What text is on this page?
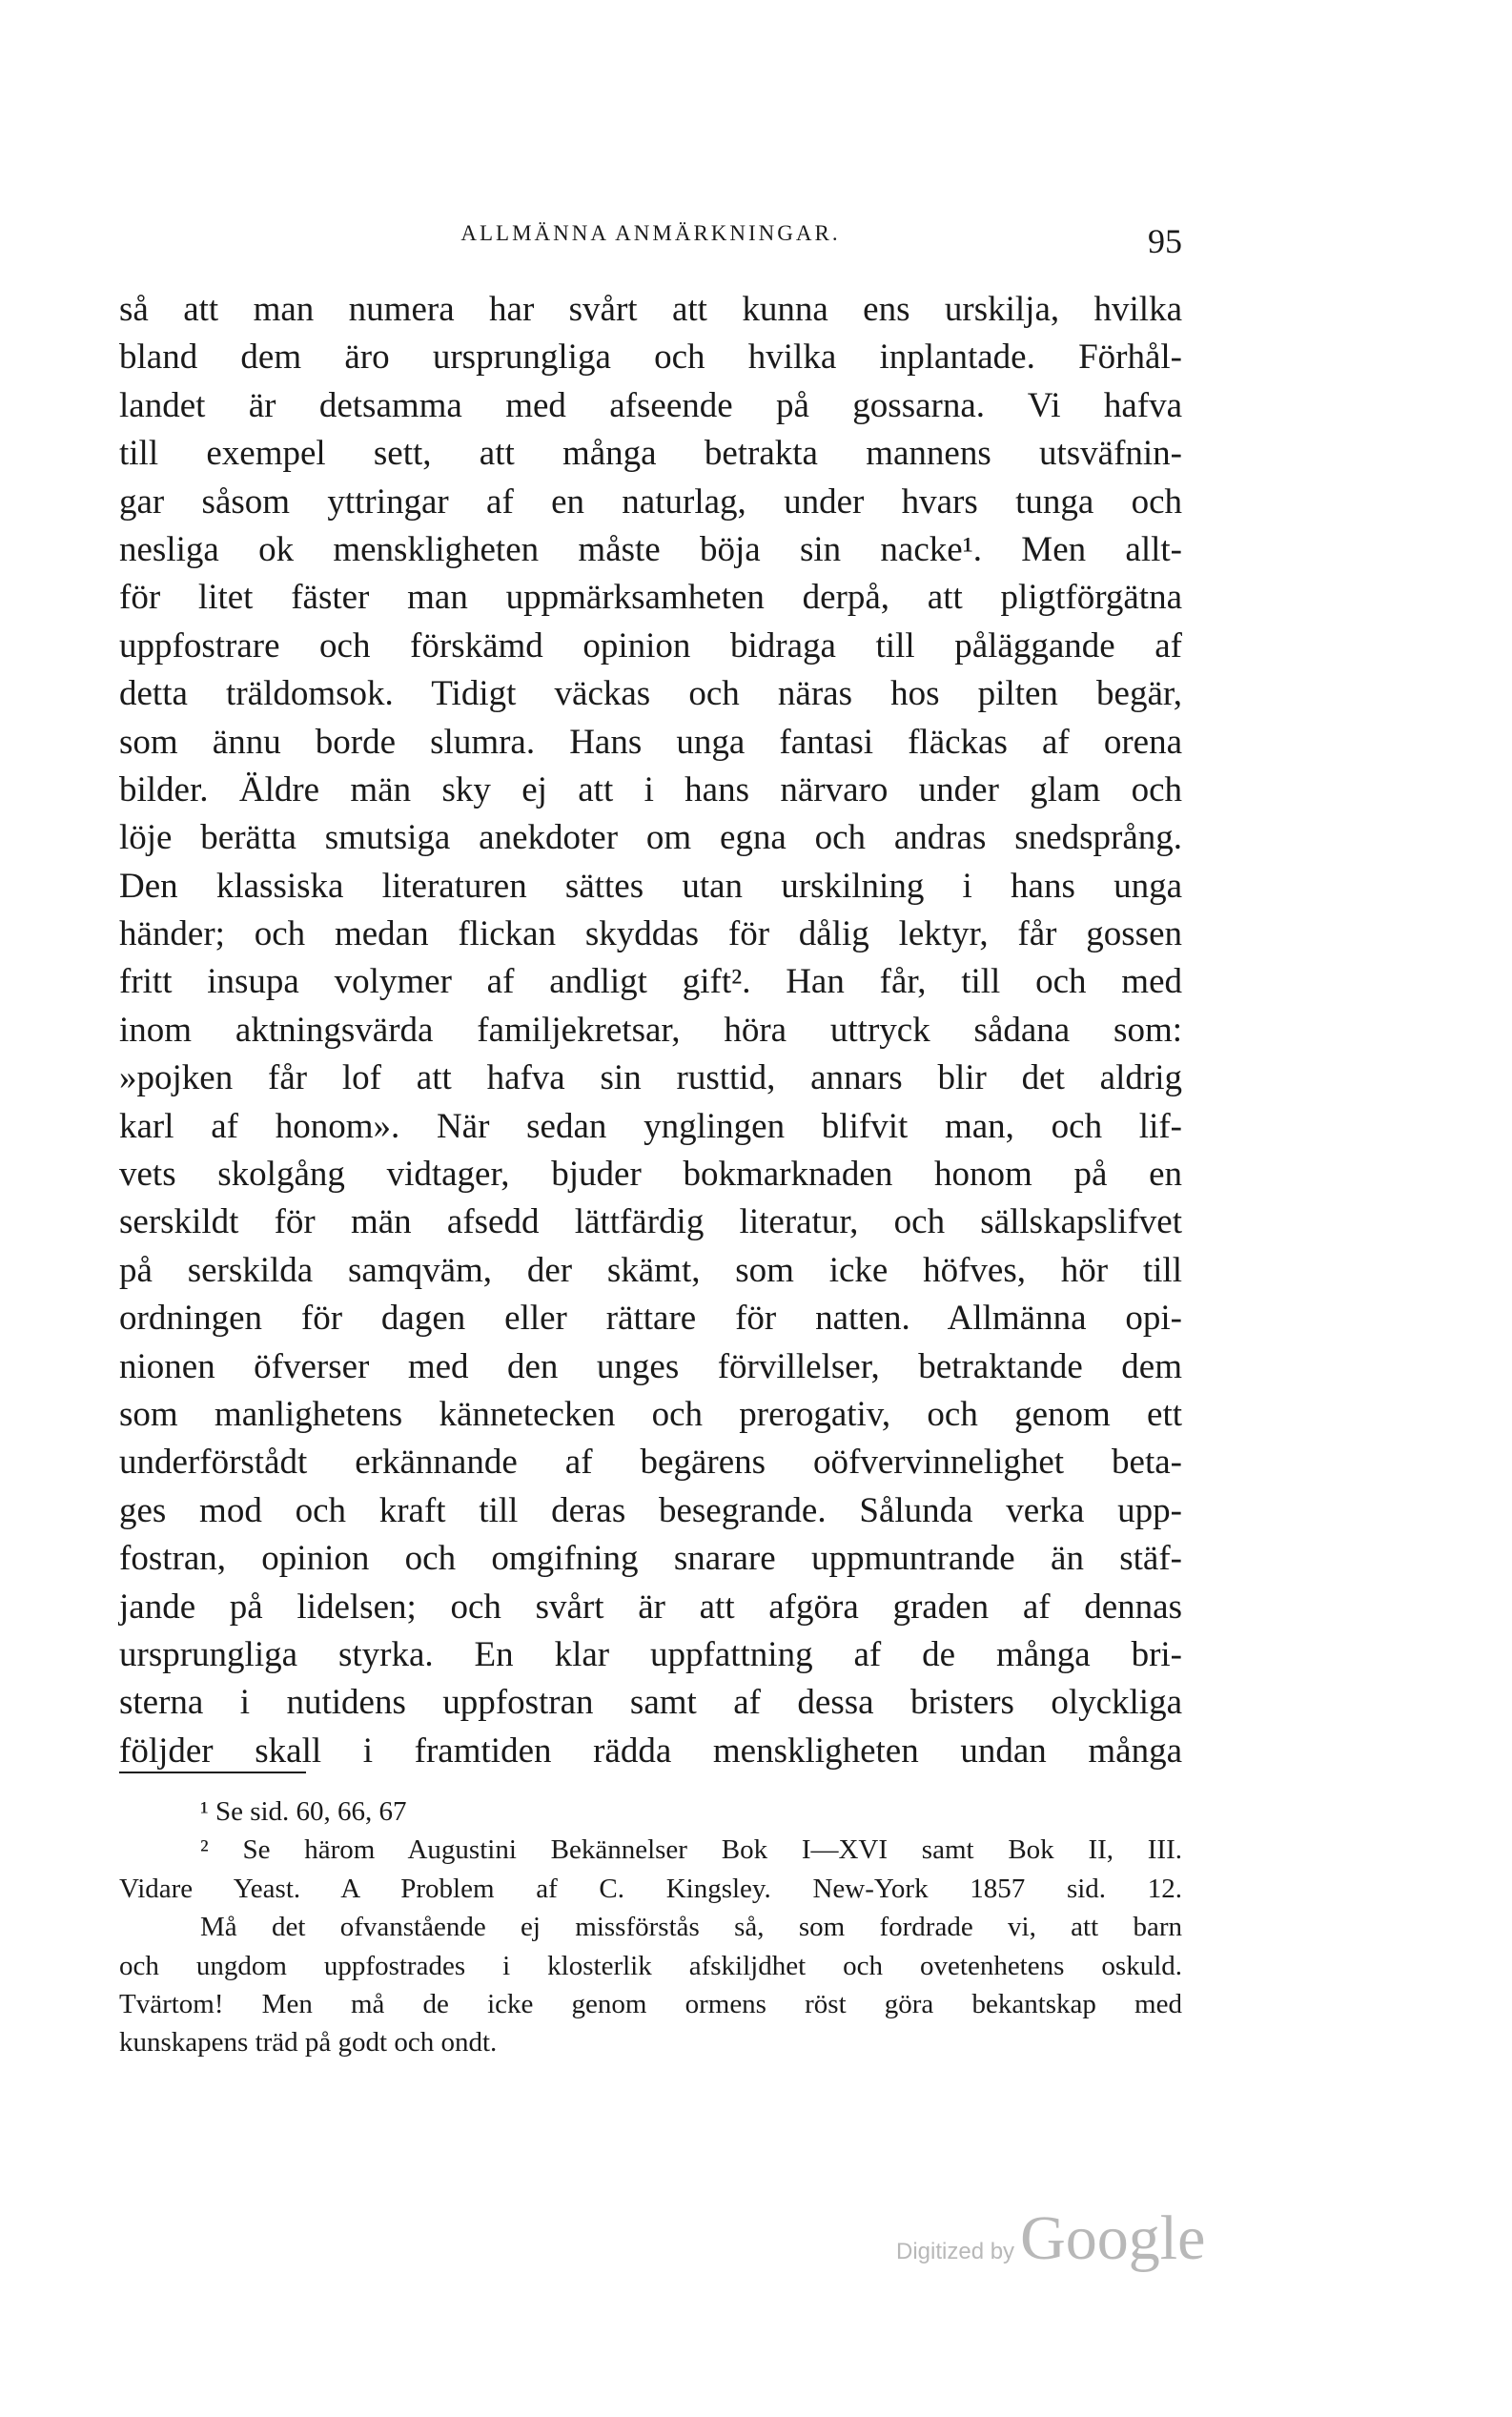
ALLMÄNNA ANMÄRKNINGAR.	95
så att man numera har svårt att kunna ens urskilja, hvilka
bland dem äro ursprungliga och hvilka inplantade. Förhål-
landet är detsamma med afseende på gossarna. Vi hafva
till exempel sett, att många betrakta mannens utsväfnin-
gar såsom yttringar af en naturlag, under hvars tunga och
nesliga ok menskligheten måste böja sin nacke¹. Men allt-
för litet fäster man uppmärksamheten derpå, att pligtförgätna
uppfostrare och förskämd opinion bidraga till påläggande af
detta träldomsok. Tidigt väckas och näras hos pilten begär,
som ännu borde slumra. Hans unga fantasi fläckas af orena
bilder. Äldre män sky ej att i hans närvaro under glam och
löje berätta smutsiga anekdoter om egna och andras snedsprång.
Den klassiska literaturen sättes utan urskilning i hans unga
händer; och medan flickan skyddas för dålig lektyr, får gossen
fritt insupa volymer af andligt gift². Han får, till och med
inom aktningsvärda familjekretsar, höra uttryck sådana som:
»pojken får lof att hafva sin rusttid, annars blir det aldrig
karl af honom». När sedan ynglingen blifvit man, och lif-
vets skolgång vidtager, bjuder bokmarknaden honom på en
serskildt för män afsedd lättfärdig literatur, och sällskapslifvet
på serskilda samqväm, der skämt, som icke höfves, hör till
ordningen för dagen eller rättare för natten. Allmänna opi-
nionen öfverser med den unges förvillelser, betraktande dem
som manlighetens kännetecken och prerogativ, och genom ett
underförstådt erkännande af begärens oöfvervinnelighet beta-
ges mod och kraft till deras besegrande. Sålunda verka upp-
fostran, opinion och omgifning snarare uppmuntrande än stäf-
jande på lidelsen; och svårt är att afgöra graden af dennas
ursprungliga styrka. En klar uppfattning af de många bri-
sterna i nutidens uppfostran samt af dessa bristers olyckliga
följder skall i framtiden rädda menskligheten undan många
¹ Se sid. 60, 66, 67
² Se härom Augustini Bekännelser Bok I—XVI samt Bok II, III.
Vidare Yeast. A Problem af C. Kingsley. New-York 1857 sid. 12.
Må det ofvanstående ej missförstås så, som fordrade vi, att barn
och ungdom uppfostrades i klosterlik afskiljdhet och ovetenhetens oskuld.
Tvärtom! Men må de icke genom ormens röst göra bekantskap med
kunskapens träd på godt och ondt.
Digitized by Google
